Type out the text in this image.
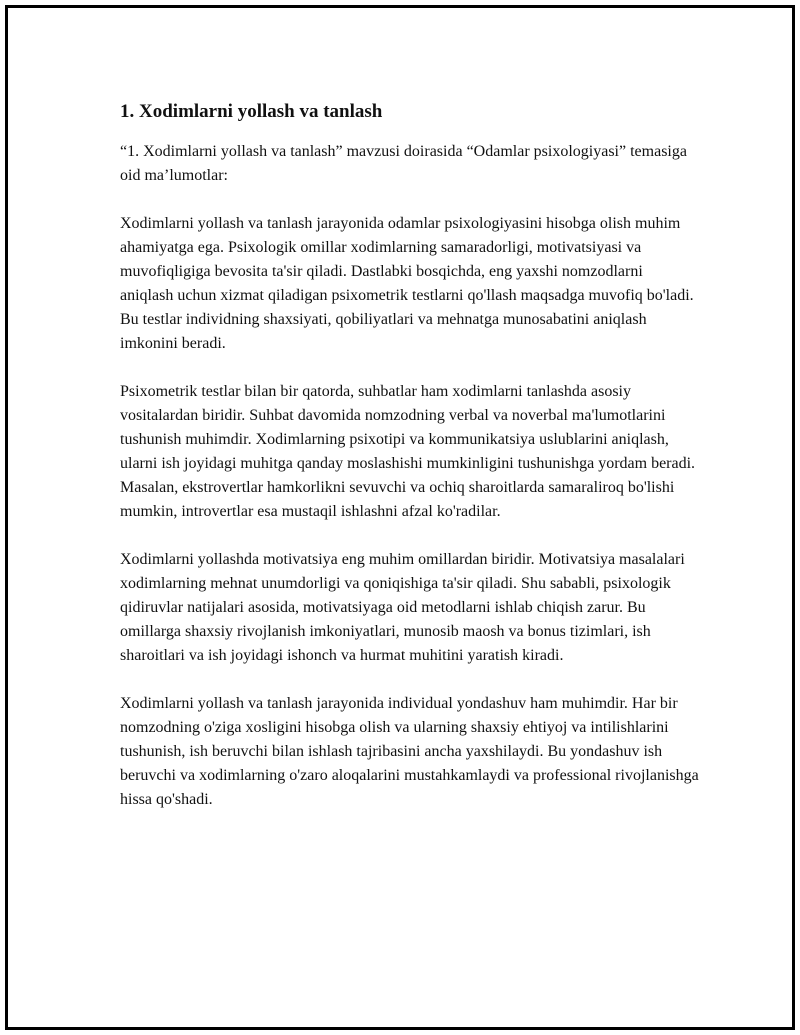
1. Xodimlarni yollash va tanlash

“1. Xodimlarni yollash va tanlash” mavzusi doirasida “Odamlar psixologiyasi” temasiga oid ma’lumotlar:

Xodimlarni yollash va tanlash jarayonida odamlar psixologiyasini hisobga olish muhim ahamiyatga ega. Psixologik omillar xodimlarning samaradorligi, motivatsiyasi va muvofiqligiga bevosita ta'sir qiladi. Dastlabki bosqichda, eng yaxshi nomzodlarni aniqlash uchun xizmat qiladigan psixometrik testlarni qo'llash maqsadga muvofiq bo'ladi. Bu testlar individning shaxsiyati, qobiliyatlari va mehnatga munosabatini aniqlash imkonini beradi.

Psixometrik testlar bilan bir qatorda, suhbatlar ham xodimlarni tanlashda asosiy vositalardan biridir. Suhbat davomida nomzodning verbal va noverbal ma'lumotlarini tushunish muhimdir. Xodimlarning psixotipi va kommunikatsiya uslublarini aniqlash, ularni ish joyidagi muhitga qanday moslashishi mumkinligini tushunishga yordam beradi. Masalan, ekstrovertlar hamkorlikni sevuvchi va ochiq sharoitlarda samaraliroq bo'lishi mumkin, introvertlar esa mustaqil ishlashni afzal ko'radilar.

Xodimlarni yollashda motivatsiya eng muhim omillardan biridir. Motivatsiya masalalari xodimlarning mehnat unumdorligi va qoniqishiga ta'sir qiladi. Shu sababli, psixologik qidiruvlar natijalari asosida, motivatsiyaga oid metodlarni ishlab chiqish zarur. Bu omillarga shaxsiy rivojlanish imkoniyatlari, munosib maosh va bonus tizimlari, ish sharoitlari va ish joyidagi ishonch va hurmat muhitini yaratish kiradi.

Xodimlarni yollash va tanlash jarayonida individual yondashuv ham muhimdir. Har bir nomzodning o'ziga xosligini hisobga olish va ularning shaxsiy ehtiyoj va intilishlarini tushunish, ish beruvchi bilan ishlash tajribasini ancha yaxshilaydi. Bu yondashuv ish beruvchi va xodimlarning o'zaro aloqalarini mustahkamlaydi va professional rivojlanishga hissa qo'shadi.
